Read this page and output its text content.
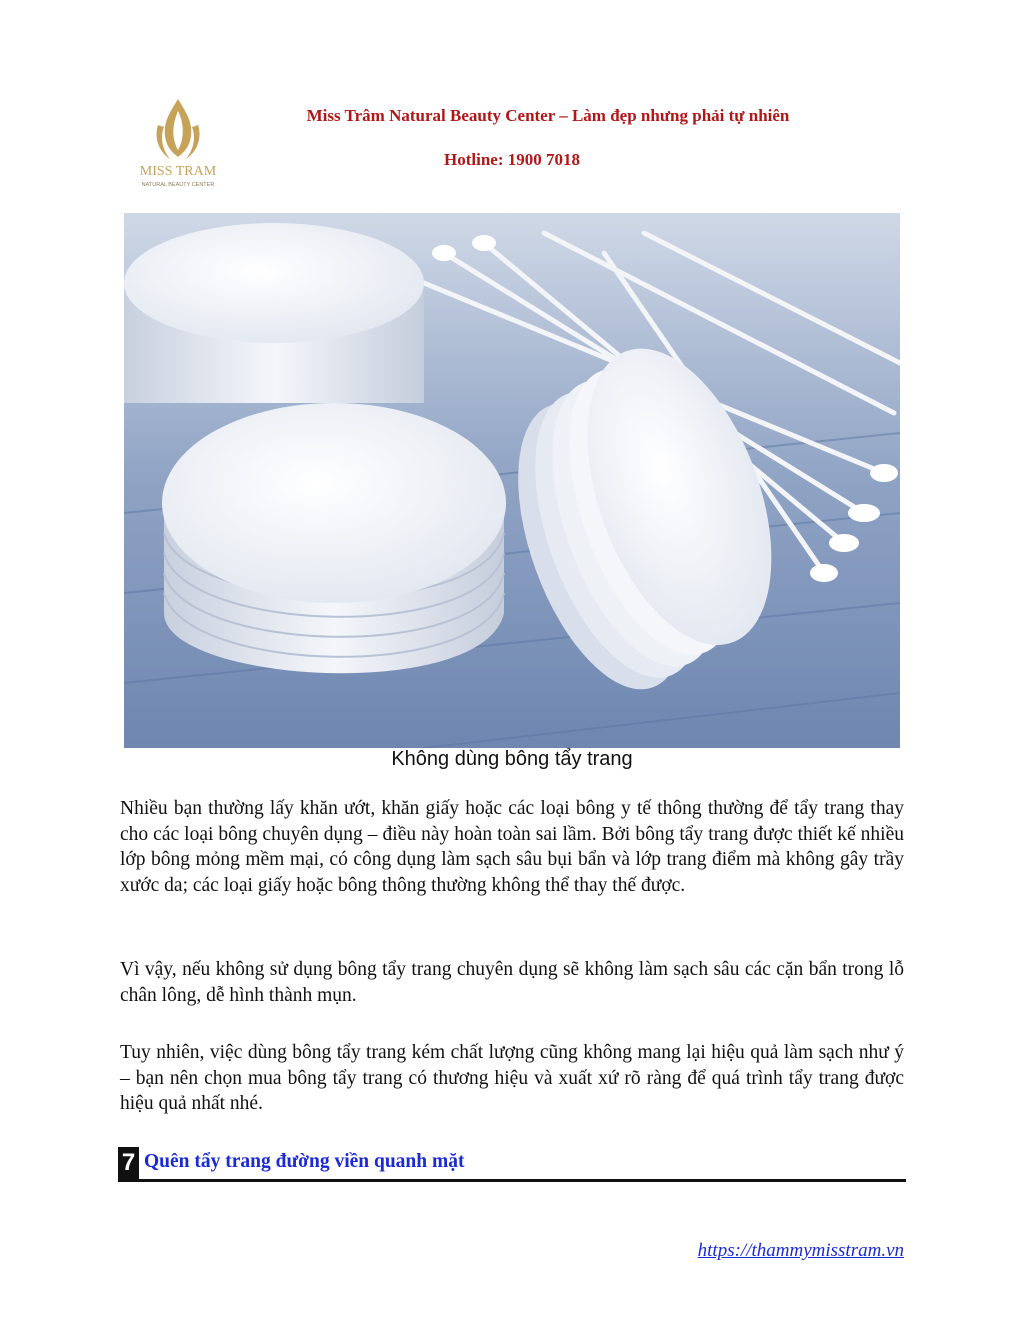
MISS TRAM
NATURAL BEAUTY CENTER
Miss Trâm Natural Beauty Center – Làm đẹp nhưng phải tự nhiên
Hotline: 1900 7018
Không dùng bông tẩy trang

Nhiều bạn thường lấy khăn ướt, khăn giấy hoặc các loại bông y tế thông thường để tẩy trang thay cho các loại bông chuyên dụng – điều này hoàn toàn sai lầm. Bởi bông tẩy trang được thiết kế nhiều lớp bông mỏng mềm mại, có công dụng làm sạch sâu bụi bẩn và lớp trang điểm mà không gây trầy xước da; các loại giấy hoặc bông thông thường không thể thay thế được.

Vì vậy, nếu không sử dụng bông tẩy trang chuyên dụng sẽ không làm sạch sâu các cặn bẩn trong lỗ chân lông, dễ hình thành mụn.

Tuy nhiên, việc dùng bông tẩy trang kém chất lượng cũng không mang lại hiệu quả làm sạch như ý – bạn nên chọn mua bông tẩy trang có thương hiệu và xuất xứ rõ ràng để quá trình tẩy trang được hiệu quả nhất nhé.

7 Quên tẩy trang đường viền quanh mặt
https://thammymisstram.vn
